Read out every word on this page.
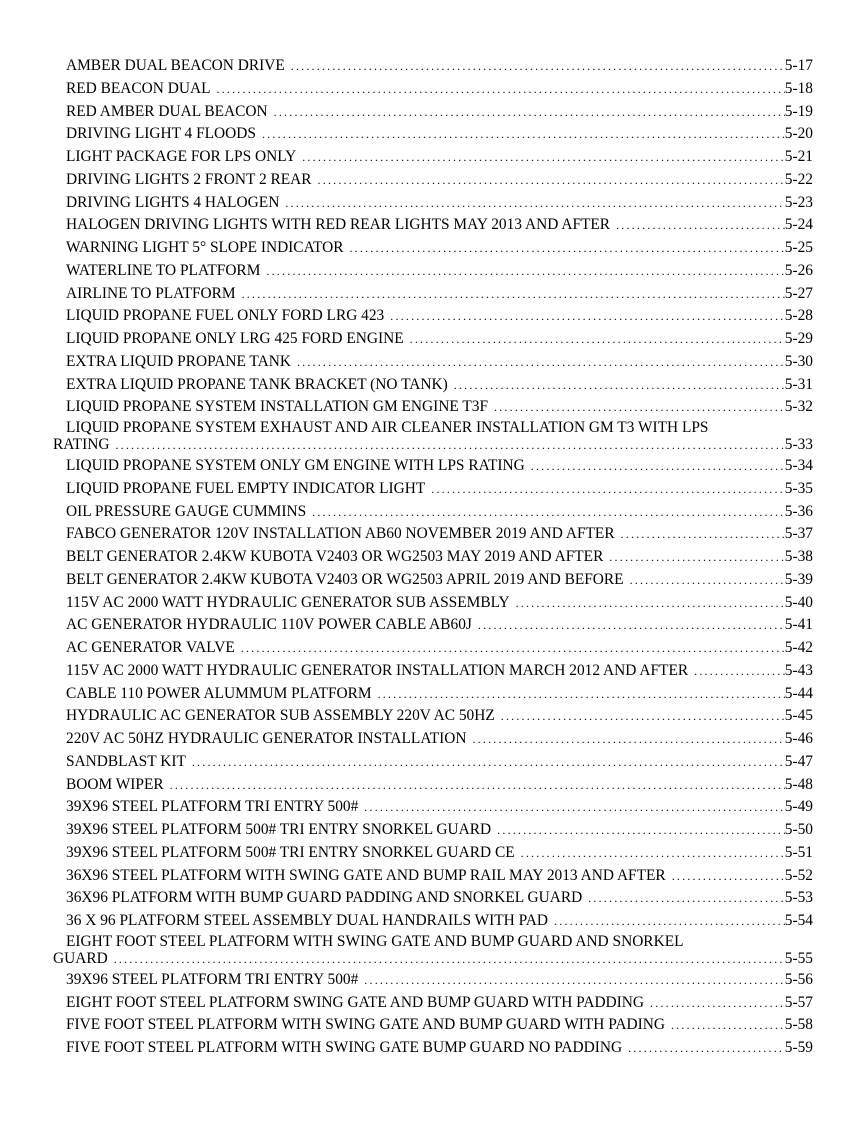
AMBER DUAL BEACON DRIVE .....	5-17
RED BEACON DUAL .....	5-18
RED AMBER DUAL BEACON .....	5-19
DRIVING LIGHT 4 FLOODS .....	5-20
LIGHT PACKAGE FOR LPS ONLY .....	5-21
DRIVING LIGHTS 2 FRONT 2 REAR .....	5-22
DRIVING LIGHTS 4 HALOGEN .....	5-23
HALOGEN DRIVING LIGHTS WITH RED REAR LIGHTS MAY 2013 AND AFTER .....	5-24
WARNING LIGHT 5° SLOPE INDICATOR .....	5-25
WATERLINE TO PLATFORM .....	5-26
AIRLINE TO PLATFORM .....	5-27
LIQUID PROPANE FUEL ONLY FORD LRG 423 .....	5-28
LIQUID PROPANE ONLY LRG 425 FORD ENGINE .....	5-29
EXTRA LIQUID PROPANE TANK .....	5-30
EXTRA LIQUID PROPANE TANK BRACKET (NO TANK) .....	5-31
LIQUID PROPANE SYSTEM INSTALLATION GM ENGINE T3F .....	5-32
LIQUID PROPANE SYSTEM EXHAUST AND AIR CLEANER INSTALLATION GM T3 WITH LPS
RATING .....	5-33
LIQUID PROPANE SYSTEM ONLY GM ENGINE WITH LPS RATING .....	5-34
LIQUID PROPANE FUEL EMPTY INDICATOR LIGHT .....	5-35
OIL PRESSURE GAUGE CUMMINS .....	5-36
FABCO GENERATOR 120V INSTALLATION AB60 NOVEMBER 2019 AND AFTER .....	5-37
BELT GENERATOR 2.4KW KUBOTA V2403 OR WG2503 MAY 2019 AND AFTER .....	5-38
BELT GENERATOR 2.4KW KUBOTA V2403 OR WG2503 APRIL 2019 AND BEFORE .....	5-39
115V AC 2000 WATT HYDRAULIC GENERATOR SUB ASSEMBLY .....	5-40
AC GENERATOR HYDRAULIC 110V POWER CABLE AB60J .....	5-41
AC GENERATOR VALVE .....	5-42
115V AC 2000 WATT HYDRAULIC GENERATOR INSTALLATION MARCH 2012 AND AFTER .....	5-43
CABLE 110 POWER ALUMMUM PLATFORM .....	5-44
HYDRAULIC AC GENERATOR SUB ASSEMBLY 220V AC 50HZ .....	5-45
220V AC 50HZ HYDRAULIC GENERATOR INSTALLATION .....	5-46
SANDBLAST KIT .....	5-47
BOOM WIPER .....	5-48
39X96 STEEL PLATFORM TRI ENTRY 500# .....	5-49
39X96 STEEL PLATFORM 500# TRI ENTRY SNORKEL GUARD .....	5-50
39X96 STEEL PLATFORM 500# TRI ENTRY SNORKEL GUARD CE .....	5-51
36X96 STEEL PLATFORM WITH SWING GATE AND BUMP RAIL MAY 2013 AND AFTER .....	5-52
36X96 PLATFORM WITH BUMP GUARD PADDING AND SNORKEL GUARD .....	5-53
36 X 96 PLATFORM STEEL ASSEMBLY DUAL HANDRAILS WITH PAD .....	5-54
EIGHT FOOT STEEL PLATFORM WITH SWING GATE AND BUMP GUARD AND SNORKEL
GUARD .....	5-55
39X96 STEEL PLATFORM TRI ENTRY 500# .....	5-56
EIGHT FOOT STEEL PLATFORM SWING GATE AND BUMP GUARD WITH PADDING .....	5-57
FIVE FOOT STEEL PLATFORM WITH SWING GATE AND BUMP GUARD WITH PADING .....	5-58
FIVE FOOT STEEL PLATFORM WITH SWING GATE BUMP GUARD NO PADDING .....	5-59
